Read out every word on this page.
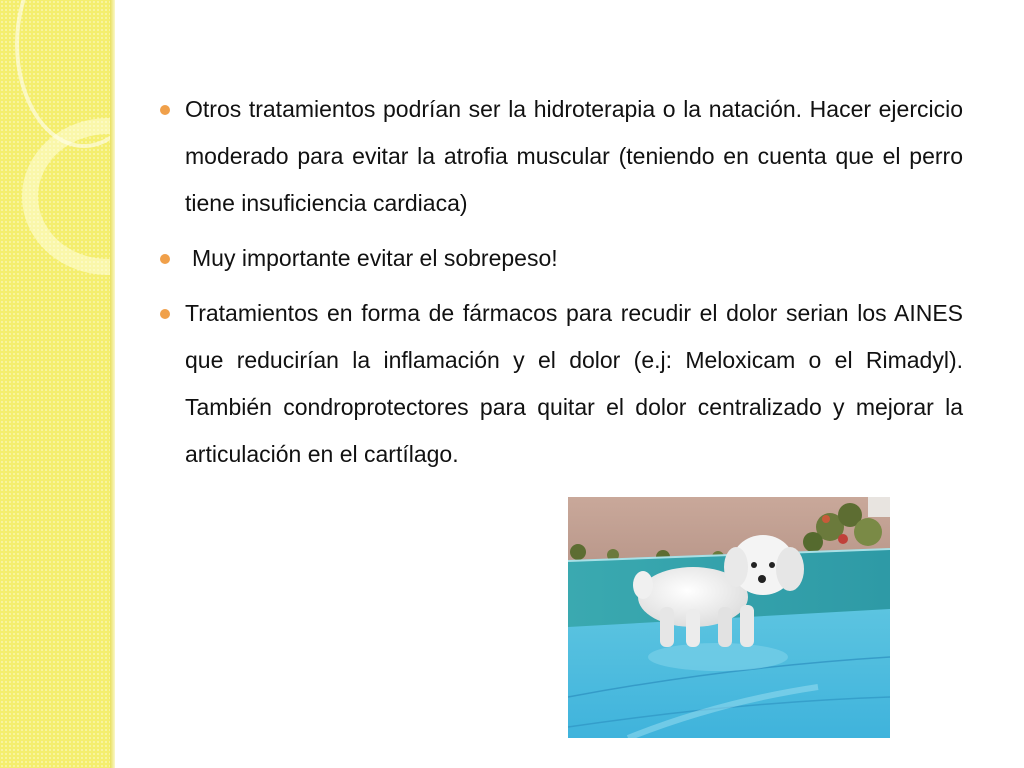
Otros tratamientos podrían ser la hidroterapia o la natación. Hacer ejercicio moderado para evitar la atrofia muscular (teniendo en cuenta que el perro tiene insuficiencia cardiaca)
Muy importante evitar el sobrepeso!
Tratamientos en forma de fármacos para recudir el dolor serian los AINES que reducirían la inflamación y el dolor (e.j: Meloxicam o el Rimadyl). También condroprotectores para quitar el dolor centralizado y mejorar la articulación en el cartílago.
